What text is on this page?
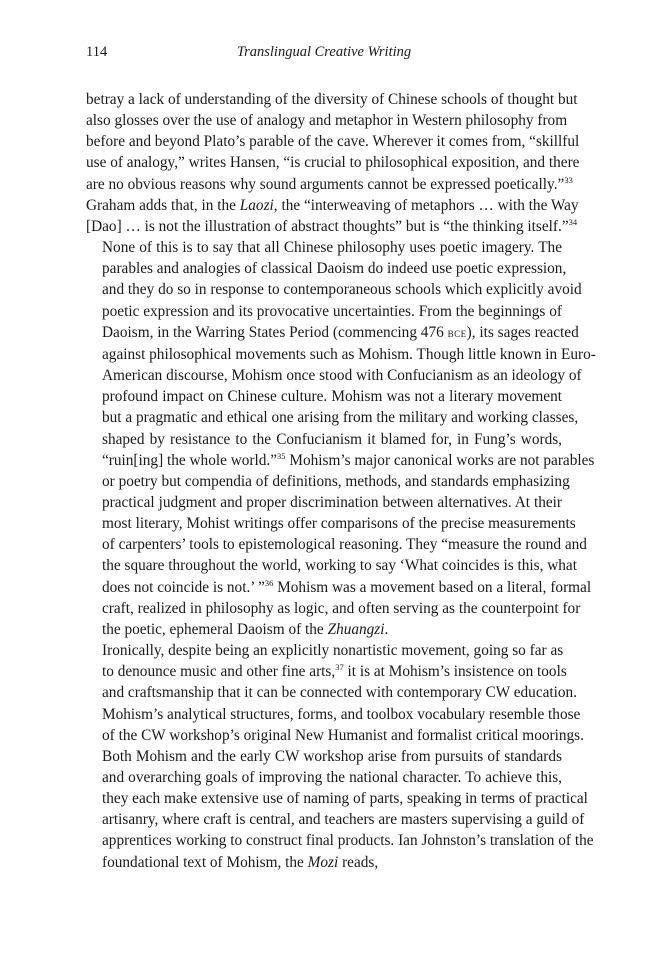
114	Translingual Creative Writing

betray a lack of understanding of the diversity of Chinese schools of thought but
also glosses over the use of analogy and metaphor in Western philosophy from
before and beyond Plato’s parable of the cave. Wherever it comes from, “skillful
use of analogy,” writes Hansen, “is crucial to philosophical exposition, and there
are no obvious reasons why sound arguments cannot be expressed poetically.”$^{33}$
Graham adds that, in the Laozi, the “interweaving of metaphors … with the Way
[Dao] … is not the illustration of abstract thoughts” but is “the thinking itself.”$^{34}$

None of this is to say that all Chinese philosophy uses poetic imagery. The
parables and analogies of classical Daoism do indeed use poetic expression,
and they do so in response to contemporaneous schools which explicitly avoid
poetic expression and its provocative uncertainties. From the beginnings of
Daoism, in the Warring States Period (commencing 476 bce), its sages reacted
against philosophical movements such as Mohism. Though little known in Euro-
American discourse, Mohism once stood with Confucianism as an ideology of
profound impact on Chinese culture. Mohism was not a literary movement
but a pragmatic and ethical one arising from the military and working classes,
shaped by resistance to the Confucianism it blamed for, in Fung’s words,
“ruin[ing] the whole world.”$^{35}$ Mohism’s major canonical works are not parables
or poetry but compendia of definitions, methods, and standards emphasizing
practical judgment and proper discrimination between alternatives. At their
most literary, Mohist writings offer comparisons of the precise measurements
of carpenters’ tools to epistemological reasoning. They “measure the round and
the square throughout the world, working to say ‘What coincides is this, what
does not coincide is not.’ ”$^{36}$ Mohism was a movement based on a literal, formal
craft, realized in philosophy as logic, and often serving as the counterpoint for
the poetic, ephemeral Daoism of the Zhuangzi.

Ironically, despite being an explicitly nonartistic movement, going so far as
to denounce music and other fine arts,$^{37}$ it is at Mohism’s insistence on tools
and craftsmanship that it can be connected with contemporary CW education.
Mohism’s analytical structures, forms, and toolbox vocabulary resemble those
of the CW workshop’s original New Humanist and formalist critical moorings.
Both Mohism and the early CW workshop arise from pursuits of standards
and overarching goals of improving the national character. To achieve this,
they each make extensive use of naming of parts, speaking in terms of practical
artisanry, where craft is central, and teachers are masters supervising a guild of
apprentices working to construct final products. Ian Johnston’s translation of the
foundational text of Mohism, the Mozi reads,
